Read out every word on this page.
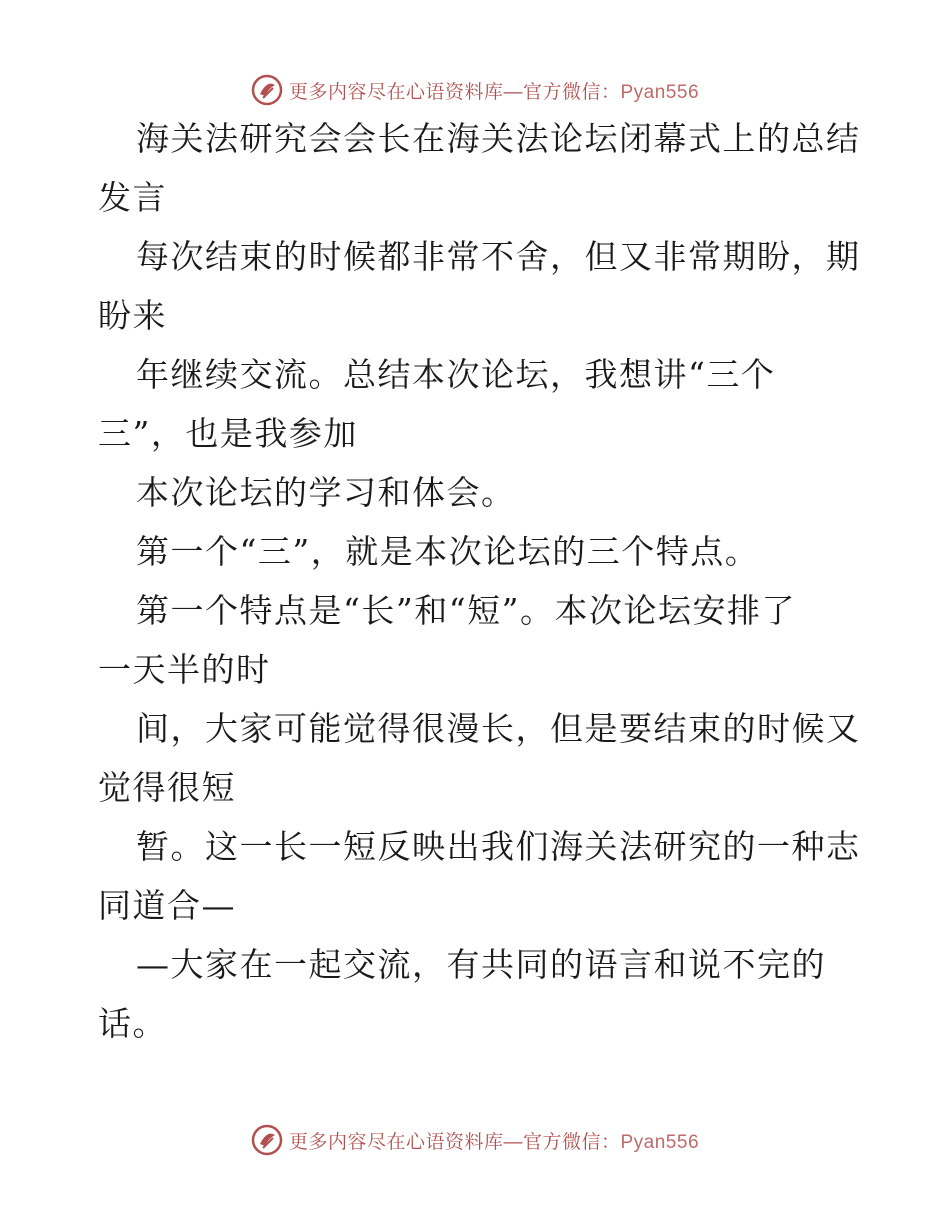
更多内容尽在心语资料库—官方微信：Pyan556
海关法研究会会长在海关法论坛闭幕式上的总结
发言
每次结束的时候都非常不舍，但又非常期盼，期
盼来
年继续交流。总结本次论坛，我想讲“三个
三”，也是我参加
本次论坛的学习和体会。
第一个“三”，就是本次论坛的三个特点。
第一个特点是“长”和“短”。本次论坛安排了
一天半的时
间，大家可能觉得很漫长，但是要结束的时候又
觉得很短
暂。这一长一短反映出我们海关法研究的一种志
同道合—
—大家在一起交流，有共同的语言和说不完的
话。
更多内容尽在心语资料库—官方微信：Pyan556
